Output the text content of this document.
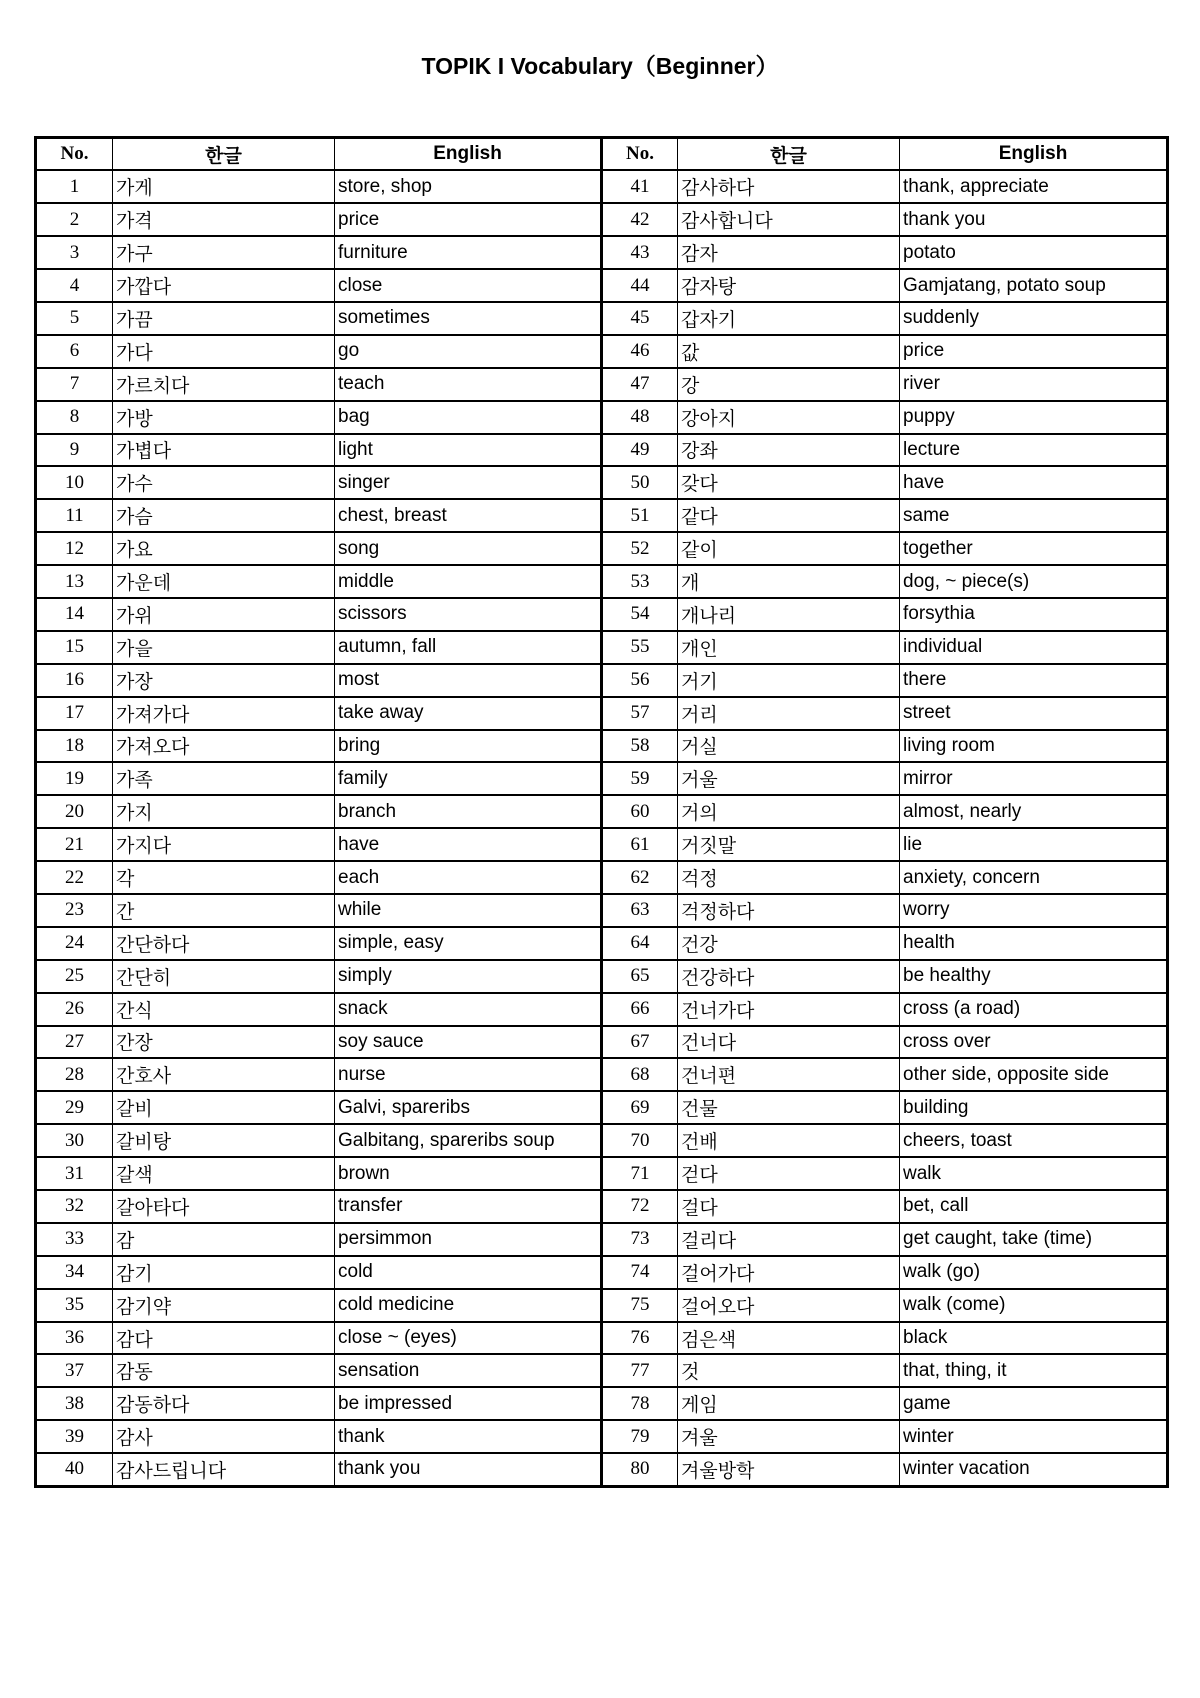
TOPIK I Vocabulary（Beginner）
No.	한글	English	No.	한글	English
1	가게	store, shop	41	감사하다	thank, appreciate
2	가격	price	42	감사합니다	thank you
3	가구	furniture	43	감자	potato
4	가깝다	close	44	감자탕	Gamjatang, potato soup
5	가끔	sometimes	45	갑자기	suddenly
6	가다	go	46	값	price
7	가르치다	teach	47	강	river
8	가방	bag	48	강아지	puppy
9	가볍다	light	49	강좌	lecture
10	가수	singer	50	갖다	have
11	가슴	chest, breast	51	같다	same
12	가요	song	52	같이	together
13	가운데	middle	53	개	dog, ~ piece(s)
14	가위	scissors	54	개나리	forsythia
15	가을	autumn, fall	55	개인	individual
16	가장	most	56	거기	there
17	가져가다	take away	57	거리	street
18	가져오다	bring	58	거실	living room
19	가족	family	59	거울	mirror
20	가지	branch	60	거의	almost, nearly
21	가지다	have	61	거짓말	lie
22	각	each	62	걱정	anxiety, concern
23	간	while	63	걱정하다	worry
24	간단하다	simple, easy	64	건강	health
25	간단히	simply	65	건강하다	be healthy
26	간식	snack	66	건너가다	cross (a road)
27	간장	soy sauce	67	건너다	cross over
28	간호사	nurse	68	건너편	other side, opposite side
29	갈비	Galvi, spareribs	69	건물	building
30	갈비탕	Galbitang, spareribs soup	70	건배	cheers, toast
31	갈색	brown	71	걷다	walk
32	갈아타다	transfer	72	걸다	bet, call
33	감	persimmon	73	걸리다	get caught, take (time)
34	감기	cold	74	걸어가다	walk (go)
35	감기약	cold medicine	75	걸어오다	walk (come)
36	감다	close ~ (eyes)	76	검은색	black
37	감동	sensation	77	것	that, thing, it
38	감동하다	be impressed	78	게임	game
39	감사	thank	79	겨울	winter
40	감사드립니다	thank you	80	겨울방학	winter vacation
